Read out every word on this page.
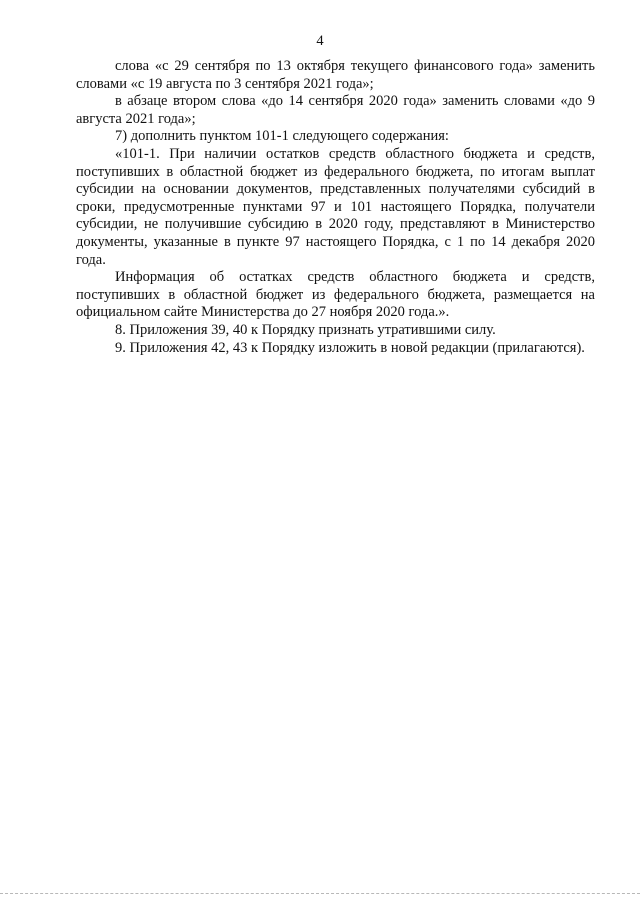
4

слова «с 29 сентября по 13 октября текущего финансового года» заменить словами «с 19 августа по 3 сентября 2021 года»;

в абзаце втором слова «до 14 сентября 2020 года» заменить словами «до 9 августа 2021 года»;

7) дополнить пунктом 101-1 следующего содержания:

«101-1. При наличии остатков средств областного бюджета и средств, поступивших в областной бюджет из федерального бюджета, по итогам выплат субсидии на основании документов, представленных получателями субсидий в сроки, предусмотренные пунктами 97 и 101 настоящего Порядка, получатели субсидии, не получившие субсидию в 2020 году, представляют в Министерство документы, указанные в пункте 97 настоящего Порядка, с 1 по 14 декабря 2020 года.

Информация об остатках средств областного бюджета и средств, поступивших в областной бюджет из федерального бюджета, размещается на официальном сайте Министерства до 27 ноября 2020 года.».

8. Приложения 39, 40 к Порядку признать утратившими силу.

9. Приложения 42, 43 к Порядку изложить в новой редакции (прилагаются).
